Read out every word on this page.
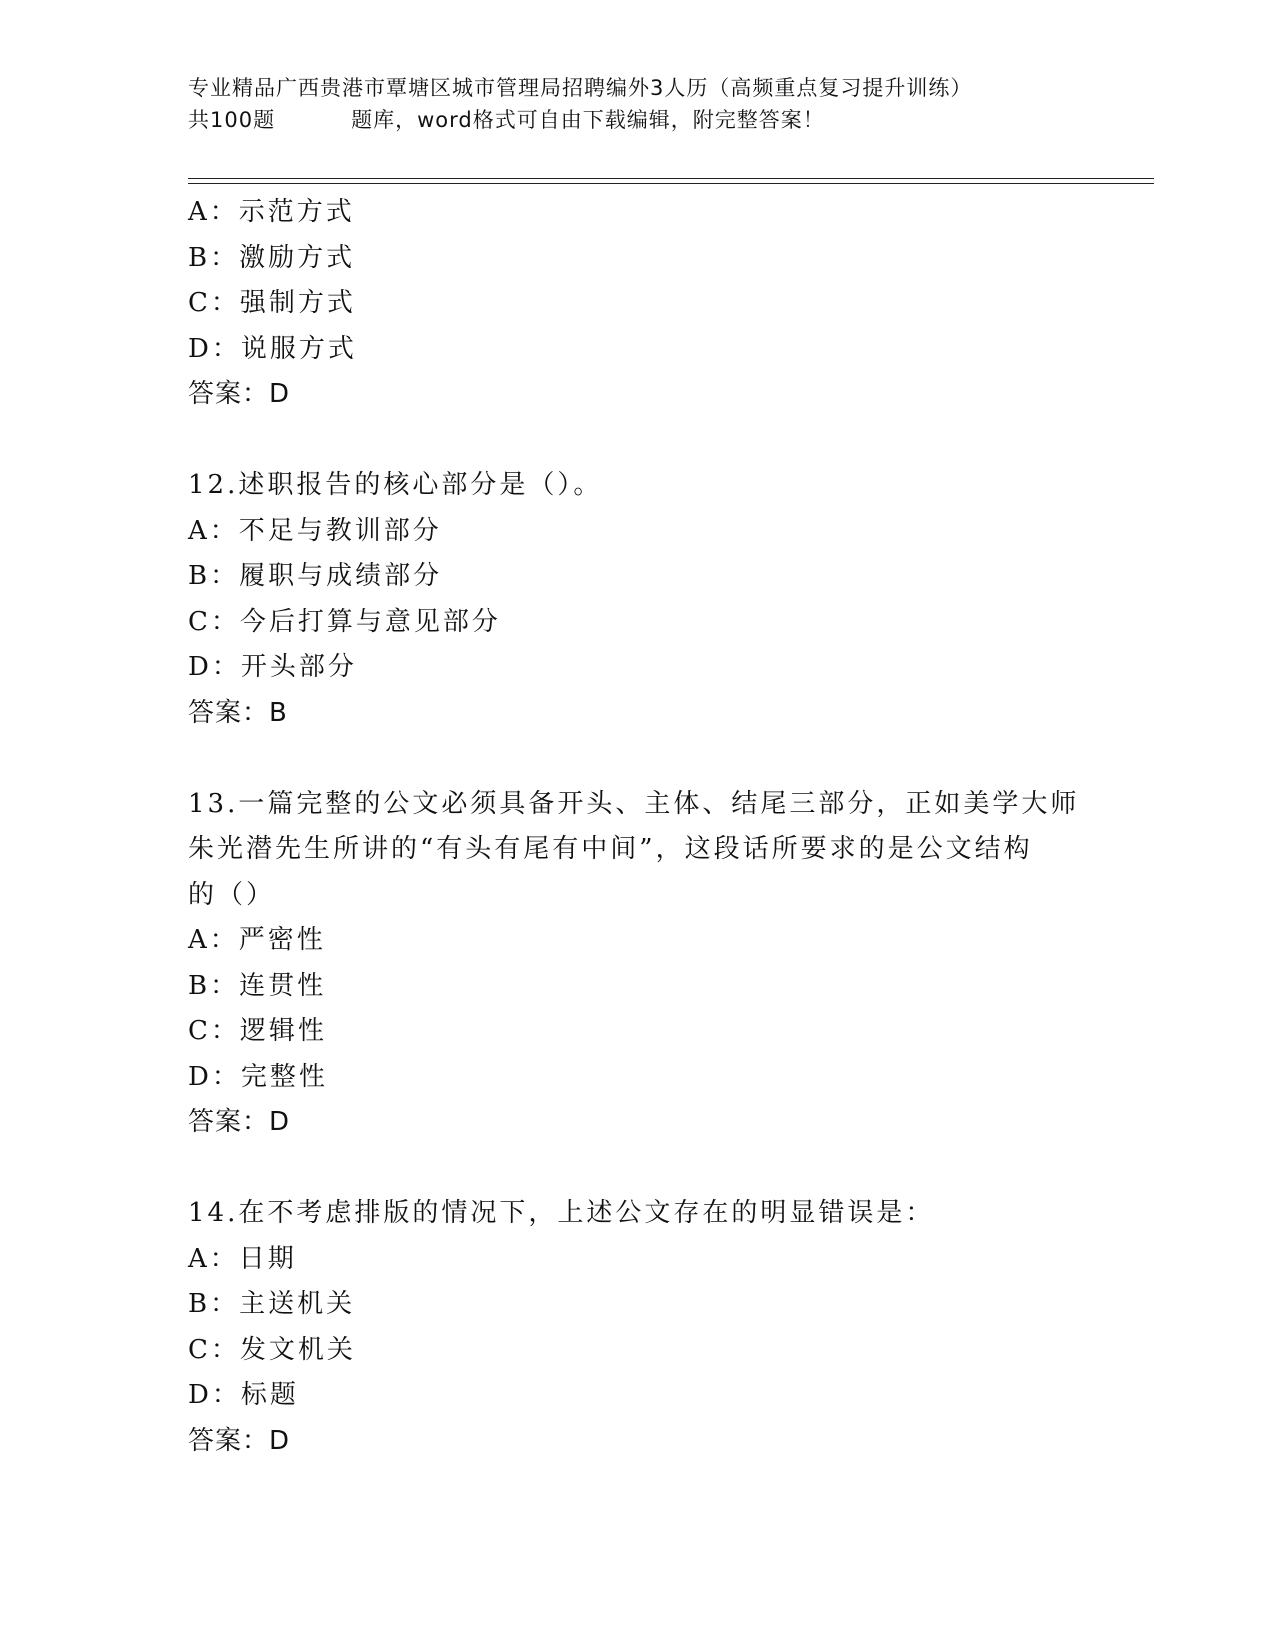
专业精品广西贵港市覃塘区城市管理局招聘编外3人历（高频重点复习提升训练）
共100题	题库，word格式可自由下载编辑，附完整答案！
A：示范方式
B：激励方式
C：强制方式
D：说服方式
答案：D
12.述职报告的核心部分是（）。
A：不足与教训部分
B：履职与成绩部分
C：今后打算与意见部分
D：开头部分
答案：B
13.一篇完整的公文必须具备开头、主体、结尾三部分，正如美学大师
朱光潜先生所讲的“有头有尾有中间”，这段话所要求的是公文结构
的（）
A：严密性
B：连贯性
C：逻辑性
D：完整性
答案：D
14.在不考虑排版的情况下，上述公文存在的明显错误是：
A：日期
B：主送机关
C：发文机关
D：标题
答案：D
